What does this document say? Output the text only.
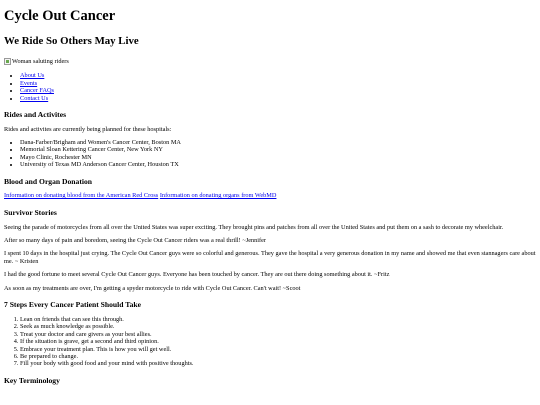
Cycle Out Cancer
We Ride So Others May Live
Woman saluting riders
• About Us
• Events
• Cancer FAQs
• Contact Us
Rides and Activites

Rides and activites are currently being planned for these hospitals:

• Dana-Farber/Brigham and Women's Cancer Center, Boston MA
• Memorial Sloan Kettering Cancer Center, New York NY
• Mayo Clinic, Rochester MN
• University of Texas MD Anderson Cancer Center, Houston TX
Blood and Organ Donation

Information on donating blood from the American Red Cross Information on donating organs from WebMD

Survivor Stories

Seeing the parade of motorcycles from all over the United States was super exciting. They brought pins and patches from all over the United States and put them on a sash to decorate my wheelchair.

After so many days of pain and boredom, seeing the Cycle Out Cancer riders was a real thrill! ~Jennifer

I spent 10 days in the hospital just crying. The Cycle Out Cancer guys were so colorful and generous. They gave the hospital a very generous donation in my name and showed me that even stannagers care about me. ~ Kristen

I had the good fortune to meet several Cycle Out Cancer guys. Everyone has been touched by cancer. They are out there doing something about it. ~Fritz

As soon as my treatments are over, I'm getting a spyder motorcycle to ride with Cycle Out Cancer. Can't wait! ~Scoot

7 Steps Every Cancer Patient Should Take
1. Lean on friends that can see this through.
2. Seek as much knowledge as possible.
3. Treat your doctor and care givers as your best allies.
4. If the situation is grave, get a second and third opinion.
5. Embrace your treatment plan. This is how you will get well.
6. Be prepared to change.
7. Fill your body with good food and your mind with positive thoughts.
Key Terminology
